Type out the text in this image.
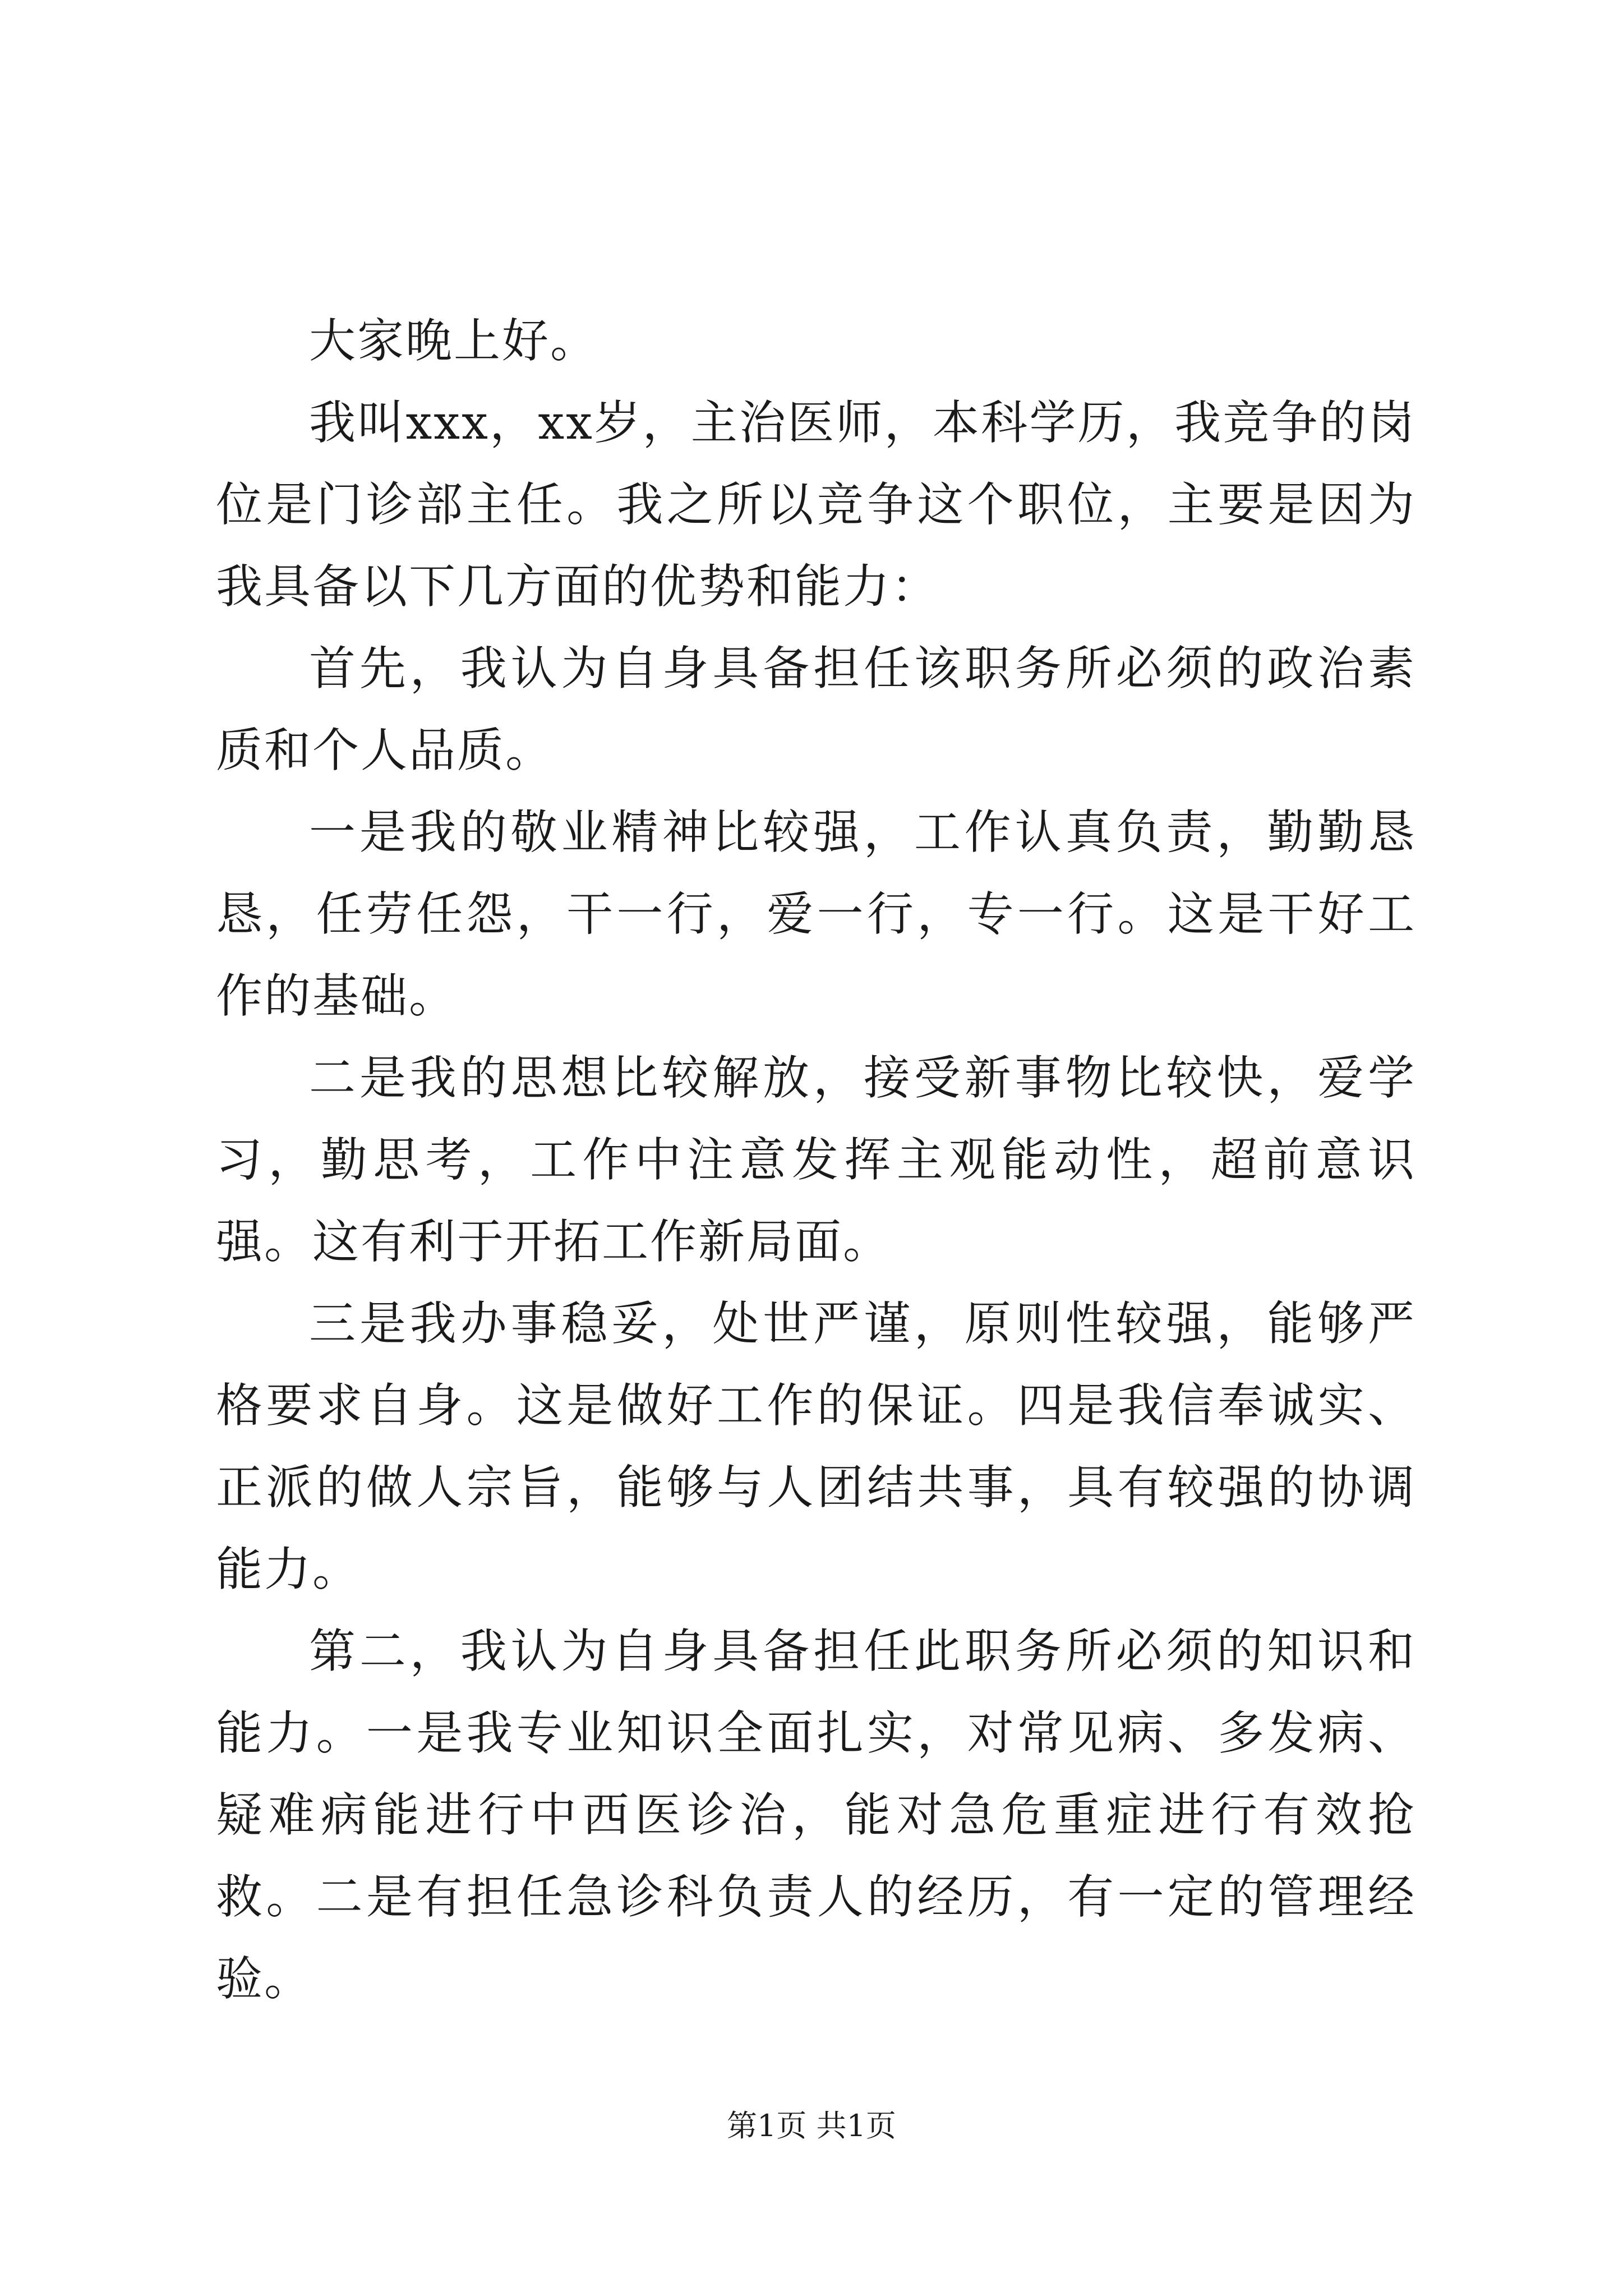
大家晚上好。

我叫xxx，xx岁，主治医师，本科学历，我竞争的岗位是门诊部主任。我之所以竞争这个职位，主要是因为我具备以下几方面的优势和能力：

首先，我认为自身具备担任该职务所必须的政治素质和个人品质。

一是我的敬业精神比较强，工作认真负责，勤勤恳恳，任劳任怨，干一行，爱一行，专一行。这是干好工作的基础。

二是我的思想比较解放，接受新事物比较快，爱学习，勤思考，工作中注意发挥主观能动性，超前意识强。这有利于开拓工作新局面。

三是我办事稳妥，处世严谨，原则性较强，能够严格要求自身。这是做好工作的保证。四是我信奉诚实、正派的做人宗旨，能够与人团结共事，具有较强的协调能力。

第二，我认为自身具备担任此职务所必须的知识和能力。一是我专业知识全面扎实，对常见病、多发病、疑难病能进行中西医诊治，能对急危重症进行有效抢救。二是有担任急诊科负责人的经历，有一定的管理经验。

第1页 共1页
